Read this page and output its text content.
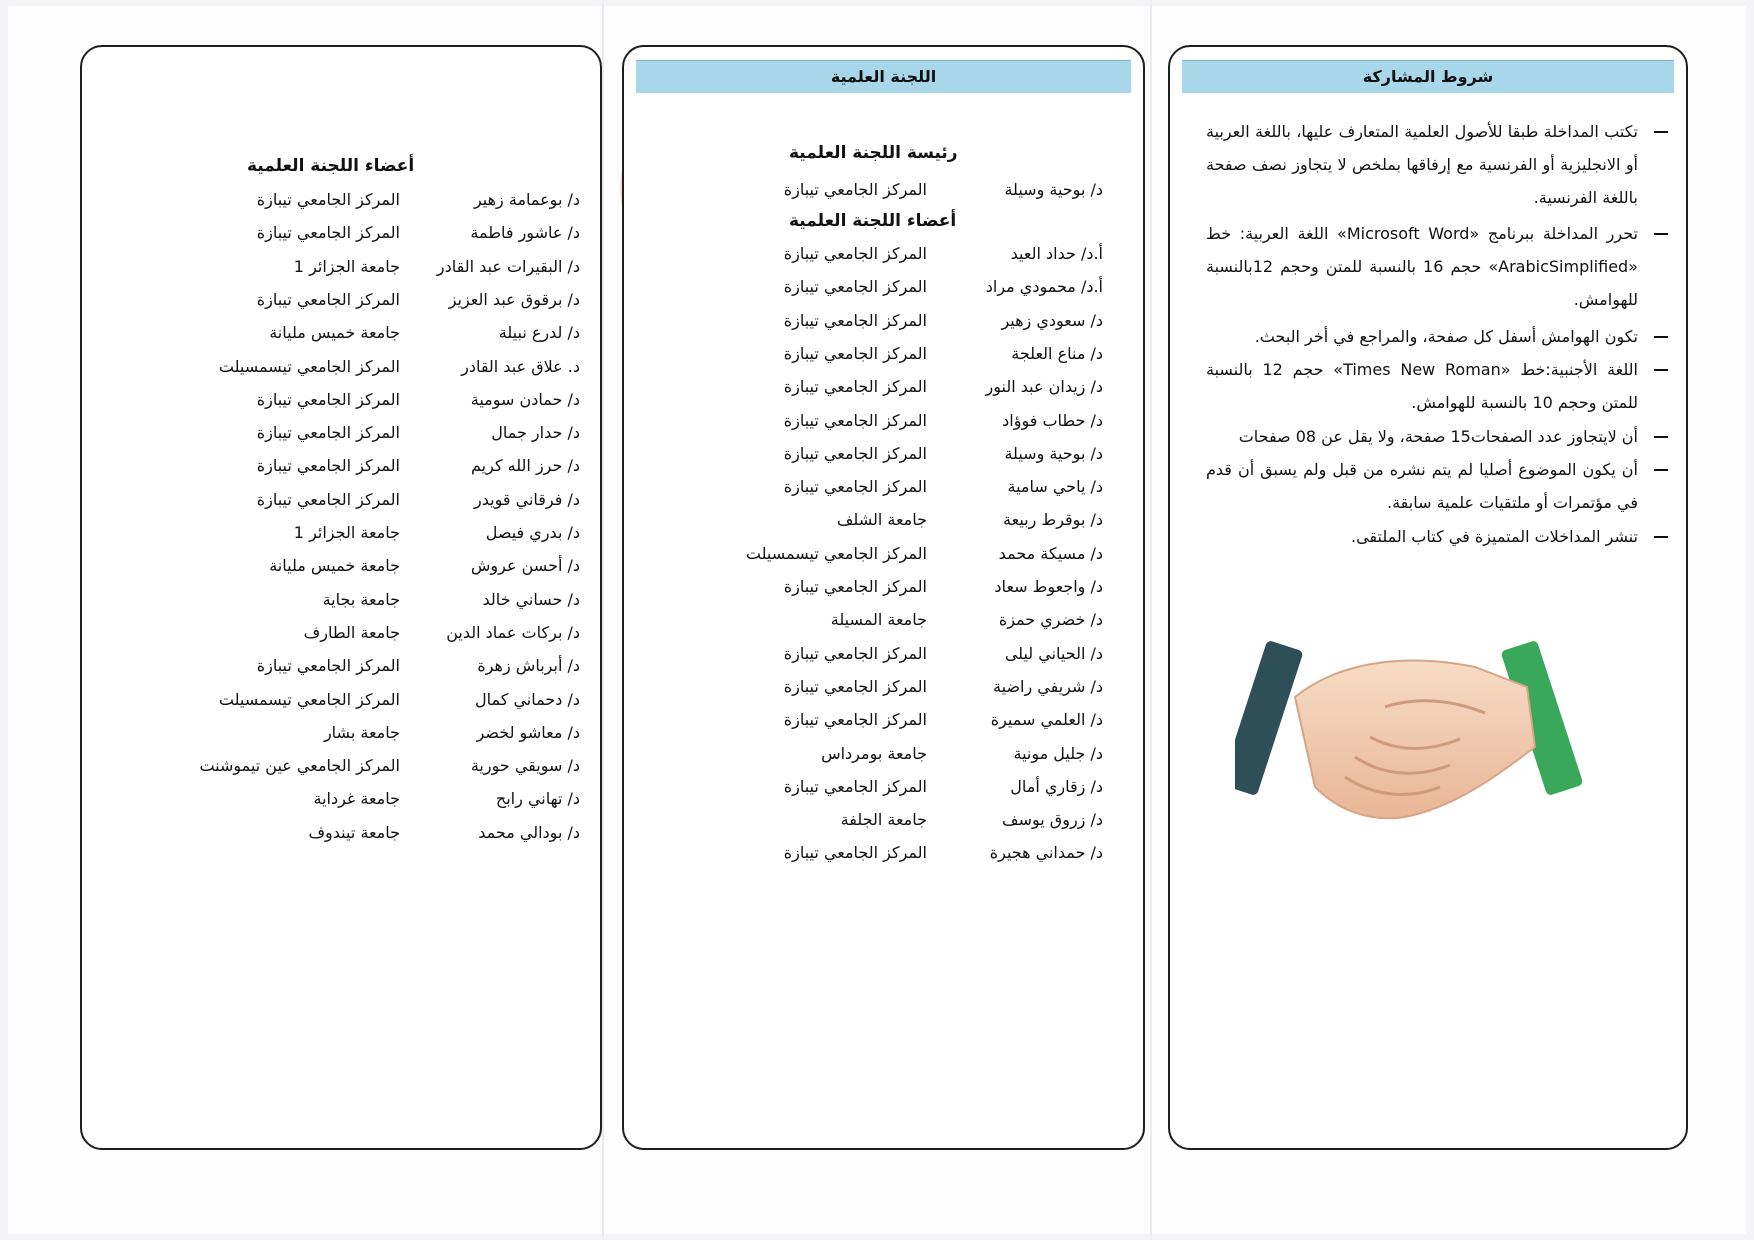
أعضاء اللجنة العلمية
د/ بوعمامة زهير
المركز الجامعي تيبازة
د/ عاشور فاطمة
المركز الجامعي تيبازة
د/ البقيرات عبد القادر
جامعة الجزائر 1
د/ برقوق عبد العزيز
المركز الجامعي تيبازة
د/ لدرع نبيلة
جامعة خميس مليانة
د. علاق عبد القادر
المركز الجامعي تيسمسيلت
د/ حمادن سومية
المركز الجامعي تيبازة
د/ حدار جمال
المركز الجامعي تيبازة
د/ حرز الله كريم
المركز الجامعي تيبازة
د/ فرقاني قويدر
المركز الجامعي تيبازة
د/ بدري فيصل
جامعة الجزائر 1
د/ أحسن عروش
جامعة خميس مليانة
د/ حساني خالد
جامعة بجاية
د/ بركات عماد الدين
جامعة الطارف
د/ أبرباش زهرة
المركز الجامعي تيبازة
د/ دحماني كمال
المركز الجامعي تيسمسيلت
د/ معاشو لخضر
جامعة بشار
د/ سويقي حورية
المركز الجامعي عين تيموشنت
د/ تهاني رابح
جامعة غرداية
د/ بودالي محمد
جامعة تيندوف
اللجنة العلمية
رئيسة اللجنة العلمية
د/ بوحية وسيلة
المركز الجامعي تيبازة
أعضاء اللجنة العلمية
أ.د/ حداد العيد
المركز الجامعي تيبازة
أ.د/ محمودي مراد
المركز الجامعي تيبازة
د/ سعودي زهير
المركز الجامعي تيبازة
د/ مناع العلجة
المركز الجامعي تيبازة
د/ زيدان عبد النور
المركز الجامعي تيبازة
د/ حطاب فوؤاد
المركز الجامعي تيبازة
د/ بوحية وسيلة
المركز الجامعي تيبازة
د/ ياحي سامية
المركز الجامعي تيبازة
د/ بوقرط ربيعة
جامعة الشلف
د/ مسيكة محمد
المركز الجامعي تيسمسيلت
د/ واجعوط سعاد
المركز الجامعي تيبازة
د/ خضري حمزة
جامعة المسيلة
د/ الحياني ليلى
المركز الجامعي تيبازة
د/ شريفي راضية
المركز الجامعي تيبازة
د/ العلمي سميرة
المركز الجامعي تيبازة
د/ جليل مونية
جامعة بومرداس
د/ زقاري أمال
المركز الجامعي تيبازة
د/ زروق يوسف
جامعة الجلفة
د/ حمداني هجيرة
المركز الجامعي تيبازة
شروط المشاركة
تكتب المداخلة طبقا للأصول العلمية المتعارف عليها، باللغة العربية أو الانجليزية أو الفرنسية مع إرفاقها بملخص لا يتجاوز نصف صفحة باللغة الفرنسية.
تحرر المداخلة ببرنامج «Microsoft Word» اللغة العربية: خط «ArabicSimplified» حجم 16 بالنسبة للمتن وحجم 12بالنسبة للهوامش.
تكون الهوامش أسفل كل صفحة، والمراجع في أخر البحث.
اللغة الأجنبية:خط «Times New Roman» حجم 12 بالنسبة للمتن وحجم 10 بالنسبة للهوامش.
أن لايتجاوز عدد الصفحات15 صفحة، ولا يقل عن 08 صفحات
أن يكون الموضوع أصليا لم يتم نشره من قبل ولم يسبق أن قدم في مؤتمرات أو ملتقيات علمية سابقة.
تنشر المداخلات المتميزة في كتاب الملتقى.
